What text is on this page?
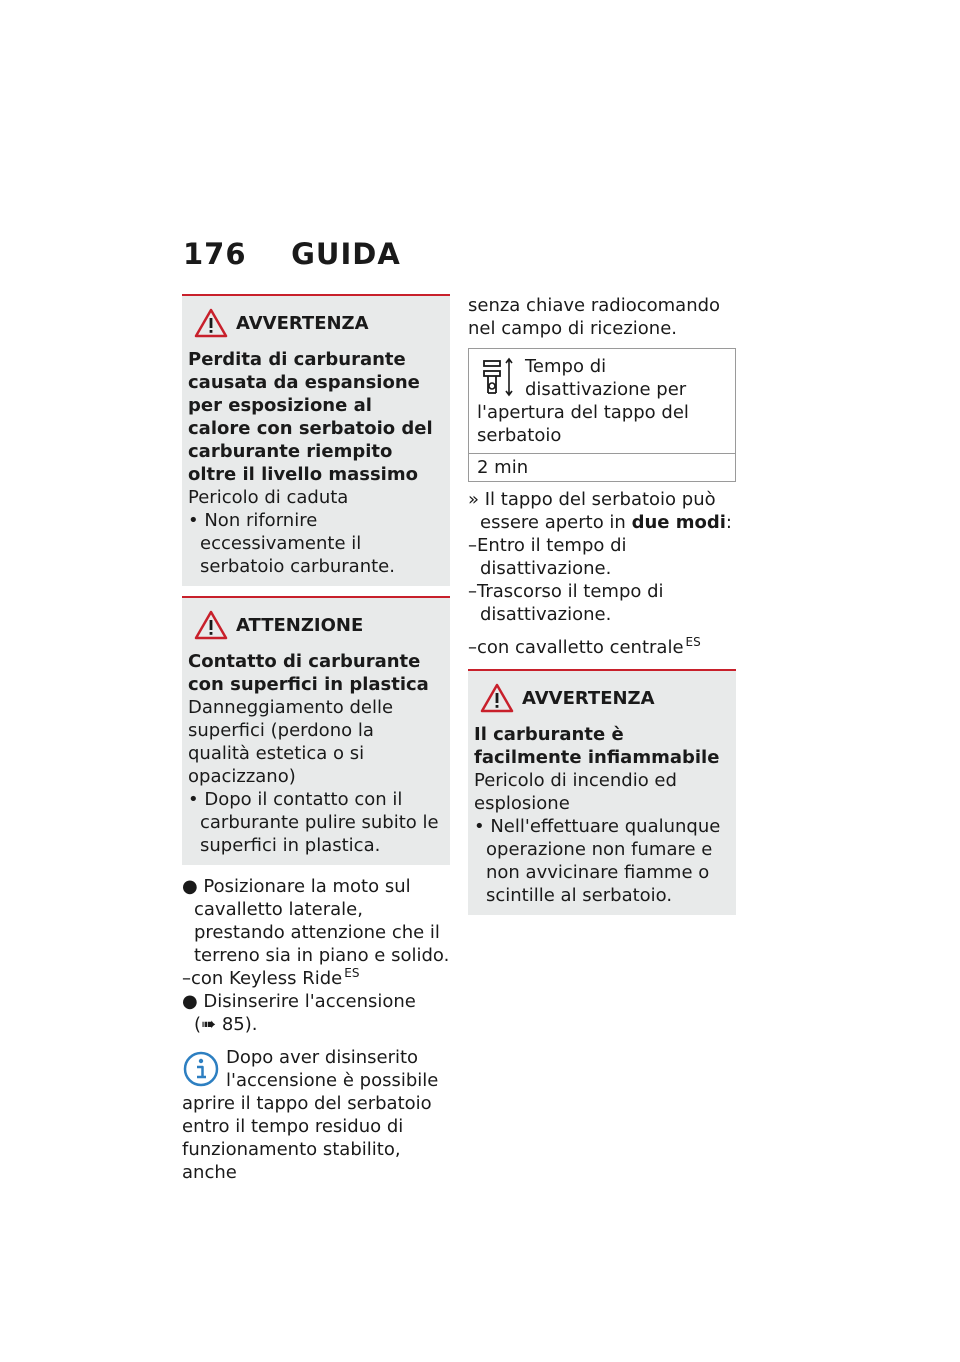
176 GUIDA
AVVERTENZA
Perdita di carburante causata da espansione per esposizione al calore con serbatoio del carburante riempito oltre il livello massimo
Pericolo di caduta
• Non rifornire eccessivamente il serbatoio carburante.
ATTENZIONE
Contatto di carburante con superfici in plastica
Danneggiamento delle superfici (perdono la qualità estetica o si opacizzano)
• Dopo il contatto con il carburante pulire subito le superfici in plastica.
● Posizionare la moto sul cavalletto laterale, prestando attenzione che il terreno sia in piano e solido.
–con Keyless Ride $^{ES}$
● Disinserire l'accensione
(➠ 85).
Dopo aver disinserito l'accensione è possibile aprire il tappo del serbatoio entro il tempo residuo di funzionamento stabilito, anche
senza chiave radiocomando nel campo di ricezione.
Tempo di disattivazione per l'apertura del tappo del serbatoio
2 min
» Il tappo del serbatoio può essere aperto in due modi:
–Entro il tempo di disattivazione.
–Trascorso il tempo di disattivazione.
–con cavalletto centrale $^{ES}$
AVVERTENZA
Il carburante è facilmente infiammabile
Pericolo di incendio ed esplosione
• Nell'effettuare qualunque operazione non fumare e non avvicinare fiamme o scintille al serbatoio.
